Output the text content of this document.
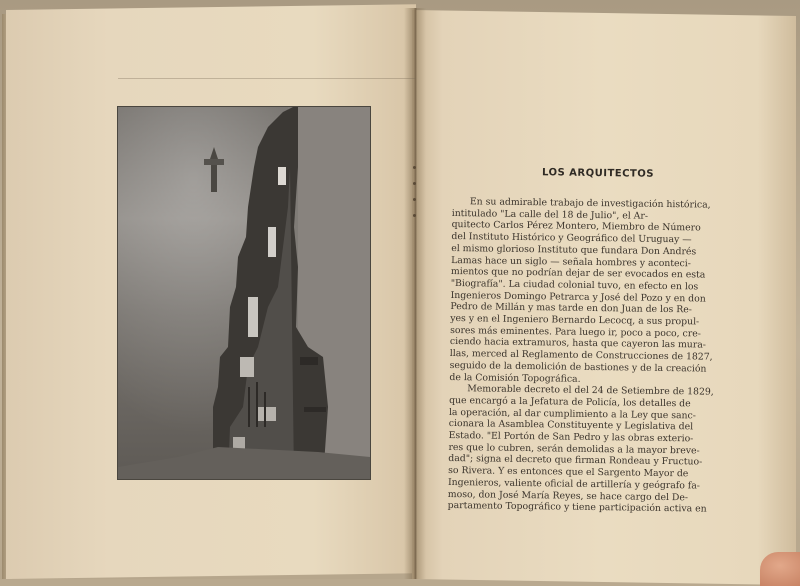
LOS ARQUITECTOS

En su admirable trabajo de investigación histórica,

intitulado "La calle del 18 de Julio", el Ar-

quitecto Carlos Pérez Montero, Miembro de Número

del Instituto Histórico y Geográfico del Uruguay —

el mismo glorioso Instituto que fundara Don Andrés

Lamas hace un siglo — señala hombres y aconteci-

mientos que no podrían dejar de ser evocados en esta

"Biografía". La ciudad colonial tuvo, en efecto en los

Ingenieros Domingo Petrarca y José del Pozo y en don

Pedro de Millán y mas tarde en don Juan de los Re-

yes y en el Ingeniero Bernardo Lecocq, a sus propul-

sores más eminentes. Para luego ir, poco a poco, cre-

ciendo hacia extramuros, hasta que cayeron las mura-

llas, merced al Reglamento de Construcciones de 1827,

seguido de la demolición de bastiones y de la creación

de la Comisión Topográfica.

Memorable decreto el del 24 de Setiembre de 1829,

que encargó a la Jefatura de Policía, los detalles de

la operación, al dar cumplimiento a la Ley que sanc-

cionara la Asamblea Constituyente y Legislativa del

Estado. "El Portón de San Pedro y las obras exterio-

res que lo cubren, serán demolidas a la mayor breve-

dad"; signa el decreto que firman Rondeau y Fructuo-

so Rivera. Y es entonces que el Sargento Mayor de

Ingenieros, valiente oficial de artillería y geógrafo fa-

moso, don José María Reyes, se hace cargo del De-

partamento Topográfico y tiene participación activa en
